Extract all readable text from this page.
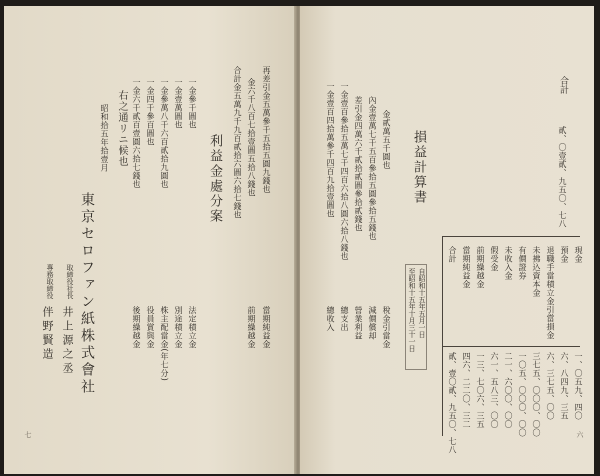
七
再差引金五萬參千五拾五圓九錢也
金六千八百七拾壹圓五拾八錢也
合計金五萬九千九百貳拾六圓六拾七錢也
利益金處分案
一金參千圓也
一金壹萬圓也
一金參萬八千六百貳拾九圓也
一金四千參百圓也
一金六千貳百壹圓六拾七錢也
右之通リニ候也
昭和拾五年拾壹月
東京セロファン紙株式會社
取締役社長
井上源之丞
專務取締役
伴野賢造	法定積立金
別途積立金
株主配當金(年七分)
役員賞與金
後期繰越金	當期純益金
前期繰越金
六
一金壹百四拾萬參千四百九拾壹圓也 一金壹百參拾五萬七千四百六拾八圓六拾八錢也 差引金四萬六千貳拾貳圓參拾貳錢也 內金壹萬七千五百參拾五圓參拾五錢也 金貳萬五千圓也
總收入 總支出 營業利益 減價償却 稅金引當金
損益計算書
自昭和十五年五月一日
至昭和十五年十月三十一日
合計 當期純益金
四六、二二〇、三二
前期繰越金
一三、七〇六、三五
假受金
六一、五八三、〇〇
未收入金
二一、六〇〇、〇〇
有價證券
一〇五、〇〇〇、〇〇
未拂込資本金
三七五、〇〇〇、〇〇
退職手當積立金引當損金
六、三七五、〇〇
預金
六、八四九、三五
現金
一、〇五九、四〇
合計
貳、〇壹貳、九五〇、七八
貳、壹〇貳、九五〇、七八
